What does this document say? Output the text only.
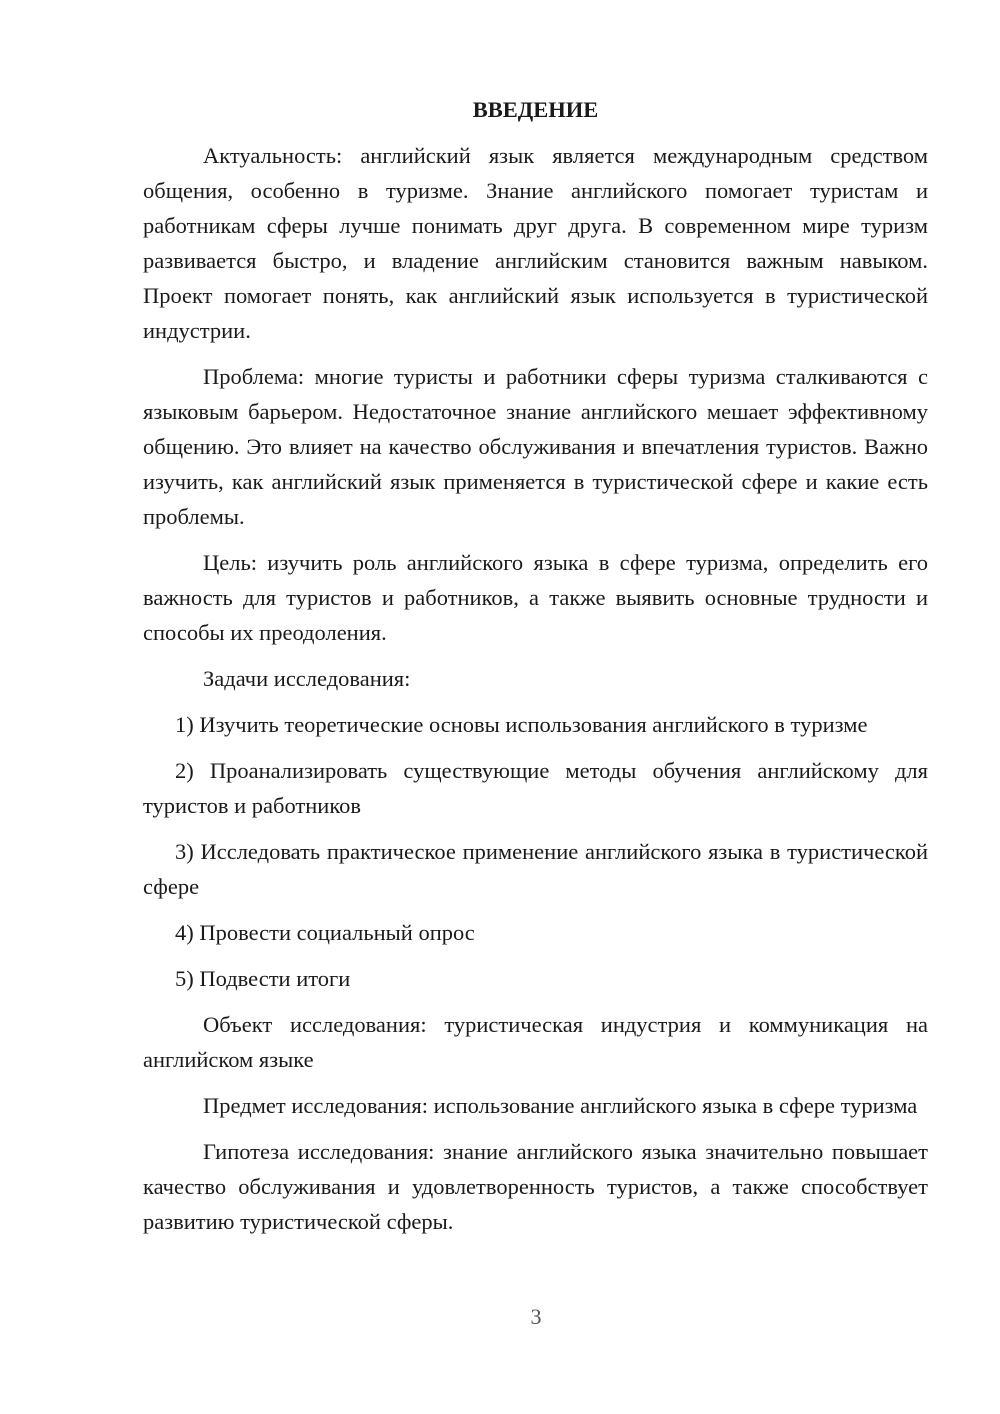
ВВЕДЕНИЕ

Актуальность: английский язык является международным средством общения, особенно в туризме. Знание английского помогает туристам и работникам сферы лучше понимать друг друга. В современном мире туризм развивается быстро, и владение английским становится важным навыком. Проект помогает понять, как английский язык используется в туристической индустрии.

Проблема: многие туристы и работники сферы туризма сталкиваются с языковым барьером. Недостаточное знание английского мешает эффективному общению. Это влияет на качество обслуживания и впечатления туристов. Важно изучить, как английский язык применяется в туристической сфере и какие есть проблемы.

Цель: изучить роль английского языка в сфере туризма, определить его важность для туристов и работников, а также выявить основные трудности и способы их преодоления.

Задачи исследования:

1) Изучить теоретические основы использования английского в туризме

2) Проанализировать существующие методы обучения английскому для туристов и работников

3) Исследовать практическое применение английского языка в туристической сфере

4) Провести социальный опрос

5) Подвести итоги

Объект исследования: туристическая индустрия и коммуникация на английском языке

Предмет исследования: использование английского языка в сфере туризма

Гипотеза исследования: знание английского языка значительно повышает качество обслуживания и удовлетворенность туристов, а также способствует развитию туристической сферы.

3
